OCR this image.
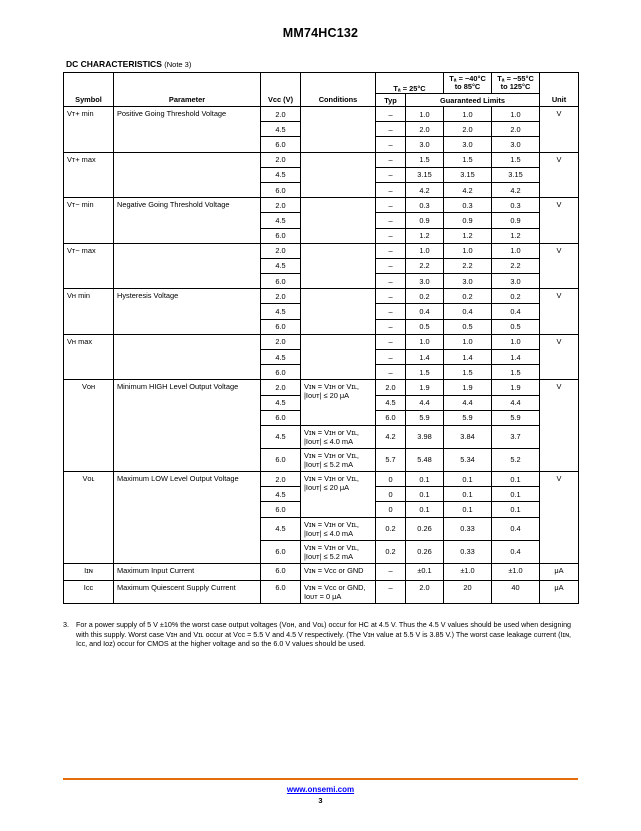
MM74HC132
DC CHARACTERISTICS (Note 3)
Symbol	Parameter	Vᴄᴄ (V)	Conditions	Tₐ = 25°C		Tₐ = −40°C to 85°C	Tₐ = −55°C to 125°C	Unit
				Typ	Guaranteed Limits			
Vᴛ+ min	Positive Going Threshold Voltage	2.0		–	1.0	1.0	1.0	V
		4.5		–	2.0	2.0	2.0	
		6.0		–	3.0	3.0	3.0	
Vᴛ+ max		2.0		–	1.5	1.5	1.5	V
		4.5		–	3.15	3.15	3.15	
		6.0		–	4.2	4.2	4.2	
Vᴛ− min	Negative Going Threshold Voltage	2.0		–	0.3	0.3	0.3	V
		4.5		–	0.9	0.9	0.9	
		6.0		–	1.2	1.2	1.2	
Vᴛ− max		2.0		–	1.0	1.0	1.0	V
		4.5		–	2.2	2.2	2.2	
		6.0		–	3.0	3.0	3.0	
Vʜ min	Hysteresis Voltage	2.0		–	0.2	0.2	0.2	V
		4.5		–	0.4	0.4	0.4	
		6.0		–	0.5	0.5	0.5	
Vʜ max		2.0		–	1.0	1.0	1.0	V
		4.5		–	1.4	1.4	1.4	
		6.0		–	1.5	1.5	1.5	
Vᴏʜ	Minimum HIGH Level Output Voltage	2.0	Vɪɴ = Vɪʜ or Vɪʟ, |Iᴏᴜᴛ| ≤ 20 μA	2.0	1.9	1.9	1.9	V
		4.5		4.5	4.4	4.4	4.4	
		6.0		6.0	5.9	5.9	5.9	
		4.5	Vɪɴ = Vɪʜ or Vɪʟ, |Iᴏᴜᴛ| ≤ 4.0 mA	4.2	3.98	3.84	3.7	
		6.0	Vɪɴ = Vɪʜ or Vɪʟ, |Iᴏᴜᴛ| ≤ 5.2 mA	5.7	5.48	5.34	5.2	
Vᴏʟ	Maximum LOW Level Output Voltage	2.0	Vɪɴ = Vɪʜ or Vɪʟ, |Iᴏᴜᴛ| ≤ 20 μA	0	0.1	0.1	0.1	V
		4.5		0	0.1	0.1	0.1	
		6.0		0	0.1	0.1	0.1	
		4.5	Vɪɴ = Vɪʜ or Vɪʟ, |Iᴏᴜᴛ| ≤ 4.0 mA	0.2	0.26	0.33	0.4	
		6.0	Vɪɴ = Vɪʜ or Vɪʟ, |Iᴏᴜᴛ| ≤ 5.2 mA	0.2	0.26	0.33	0.4	
Iɪɴ	Maximum Input Current	6.0	Vɪɴ = Vᴄᴄ or GND	–	±0.1	±1.0	±1.0	μA
Iᴄᴄ	Maximum Quiescent Supply Current	6.0	Vɪɴ = Vᴄᴄ or GND, Iᴏᴜᴛ = 0 μA	–	2.0	20	40	μA
3. For a power supply of 5 V ±10% the worst case output voltages (Vᴏʜ, and Vᴏʟ) occur for HC at 4.5 V. Thus the 4.5 V values should be used when designing with this supply. Worst case Vɪʜ and Vɪʟ occur at Vᴄᴄ = 5.5 V and 4.5 V respectively. (The Vɪʜ value at 5.5 V is 3.85 V.) The worst case leakage current (Iɪɴ, Iᴄᴄ, and Iᴏᴢ) occur for CMOS at the higher voltage and so the 6.0 V values should be used.
www.onsemi.com
3
